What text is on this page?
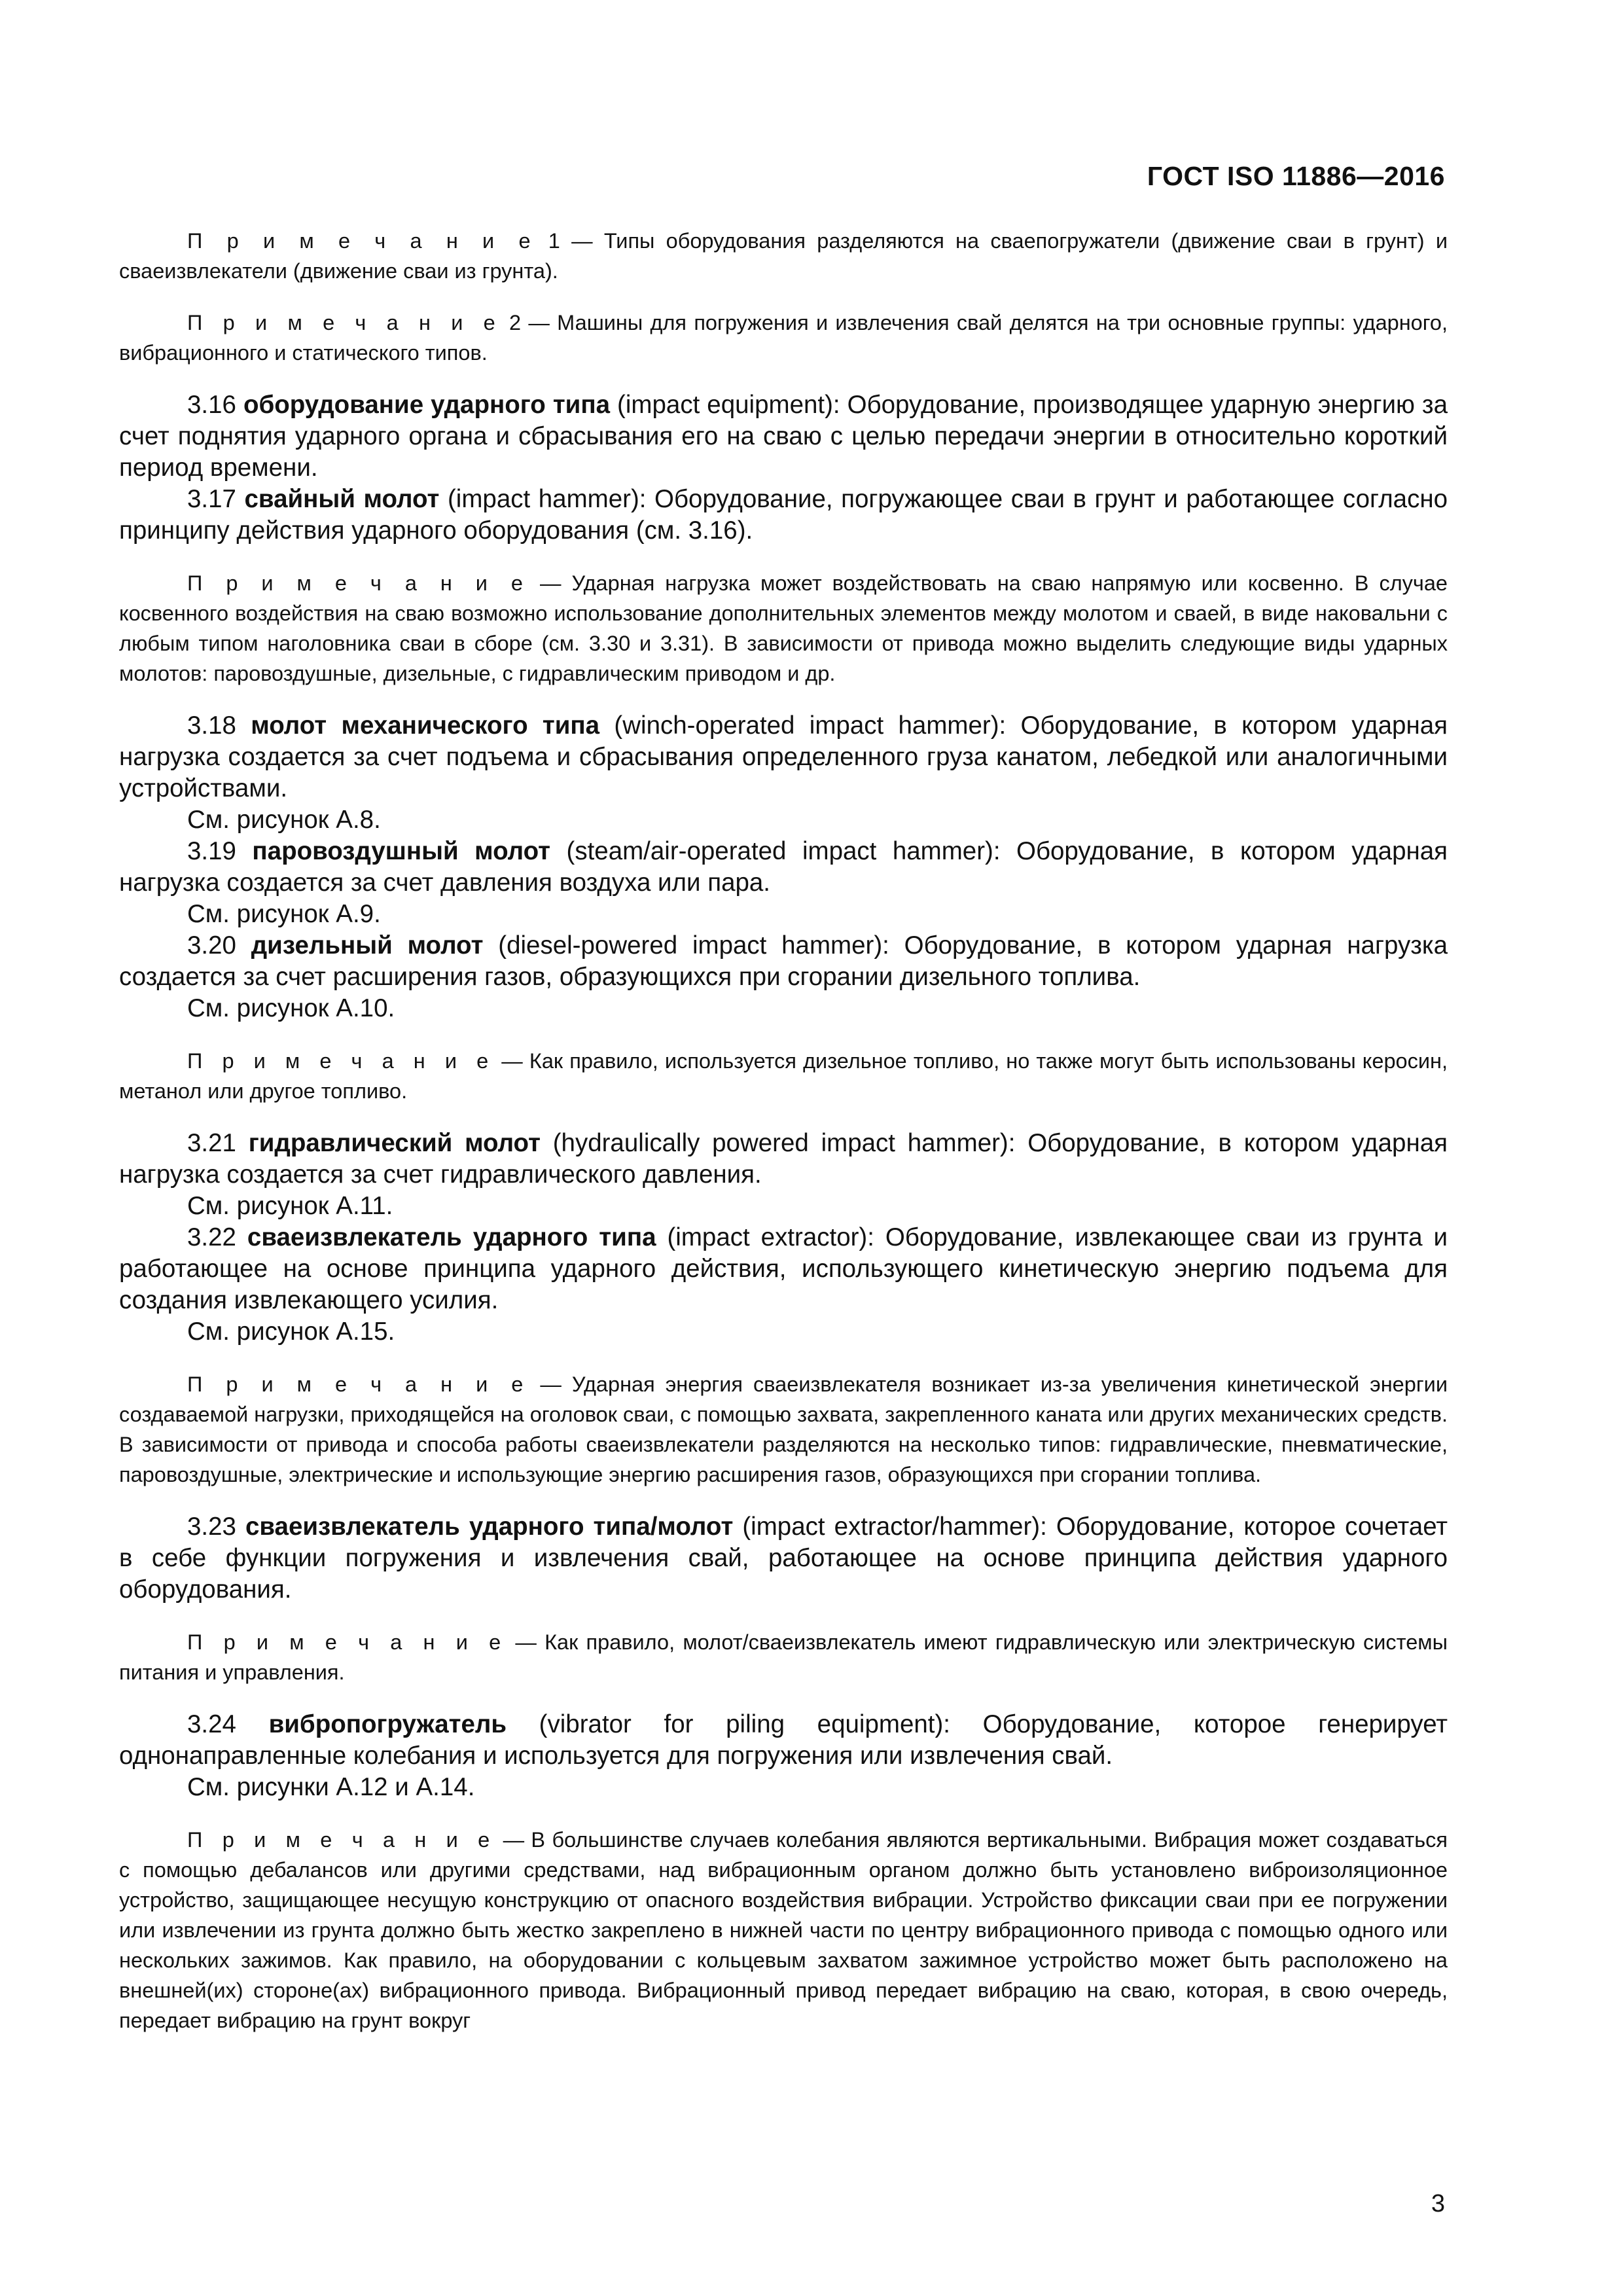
ГОСТ ISO 11886—2016

П р и м е ч а н и е 1 — Типы оборудования разделяются на сваепогружатели (движение сваи в грунт) и сваеизвлекатели (движение сваи из грунта).

П р и м е ч а н и е 2 — Машины для погружения и извлечения свай делятся на три основные группы: ударного, вибрационного и статического типов.

3.16 оборудование ударного типа (impact equipment): Оборудование, производящее ударную энергию за счет поднятия ударного органа и сбрасывания его на сваю с целью передачи энергии в относительно короткий период времени.

3.17 свайный молот (impact hammer): Оборудование, погружающее сваи в грунт и работающее согласно принципу действия ударного оборудования (см. 3.16).

П р и м е ч а н и е — Ударная нагрузка может воздействовать на сваю напрямую или косвенно. В случае косвенного воздействия на сваю возможно использование дополнительных элементов между молотом и сваей, в виде наковальни с любым типом наголовника сваи в сборе (см. 3.30 и 3.31). В зависимости от привода можно выделить следующие виды ударных молотов: паровоздушные, дизельные, с гидравлическим приводом и др.

3.18 молот механического типа (winch-operated impact hammer): Оборудование, в котором ударная нагрузка создается за счет подъема и сбрасывания определенного груза канатом, лебедкой или аналогичными устройствами.

См. рисунок А.8.

3.19 паровоздушный молот (steam/air-operated impact hammer): Оборудование, в котором ударная нагрузка создается за счет давления воздуха или пара.

См. рисунок А.9.

3.20 дизельный молот (diesel-powered impact hammer): Оборудование, в котором ударная нагрузка создается за счет расширения газов, образующихся при сгорании дизельного топлива.

См. рисунок А.10.

П р и м е ч а н и е — Как правило, используется дизельное топливо, но также могут быть использованы керосин, метанол или другое топливо.

3.21 гидравлический молот (hydraulically powered impact hammer): Оборудование, в котором ударная нагрузка создается за счет гидравлического давления.

См. рисунок А.11.

3.22 сваеизвлекатель ударного типа (impact extractor): Оборудование, извлекающее сваи из грунта и работающее на основе принципа ударного действия, использующего кинетическую энергию подъема для создания извлекающего усилия.

См. рисунок А.15.

П р и м е ч а н и е — Ударная энергия сваеизвлекателя возникает из-за увеличения кинетической энергии создаваемой нагрузки, приходящейся на оголовок сваи, с помощью захвата, закрепленного каната или других механических средств. В зависимости от привода и способа работы сваеизвлекатели разделяются на несколько типов: гидравлические, пневматические, паровоздушные, электрические и использующие энергию расширения газов, образующихся при сгорании топлива.

3.23 сваеизвлекатель ударного типа/молот (impact extractor/hammer): Оборудование, которое сочетает в себе функции погружения и извлечения свай, работающее на основе принципа действия ударного оборудования.

П р и м е ч а н и е — Как правило, молот/сваеизвлекатель имеют гидравлическую или электрическую системы питания и управления.

3.24 вибропогружатель (vibrator for piling equipment): Оборудование, которое генерирует однонаправленные колебания и используется для погружения или извлечения свай.

См. рисунки А.12 и А.14.

П р и м е ч а н и е — В большинстве случаев колебания являются вертикальными. Вибрация может создаваться с помощью дебалансов или другими средствами, над вибрационным органом должно быть установлено виброизоляционное устройство, защищающее несущую конструкцию от опасного воздействия вибрации. Устройство фиксации сваи при ее погружении или извлечении из грунта должно быть жестко закреплено в нижней части по центру вибрационного привода с помощью одного или нескольких зажимов. Как правило, на оборудовании с кольцевым захватом зажимное устройство может быть расположено на внешней(их) стороне(ах) вибрационного привода. Вибрационный привод передает вибрацию на сваю, которая, в свою очередь, передает вибрацию на грунт вокруг

3
